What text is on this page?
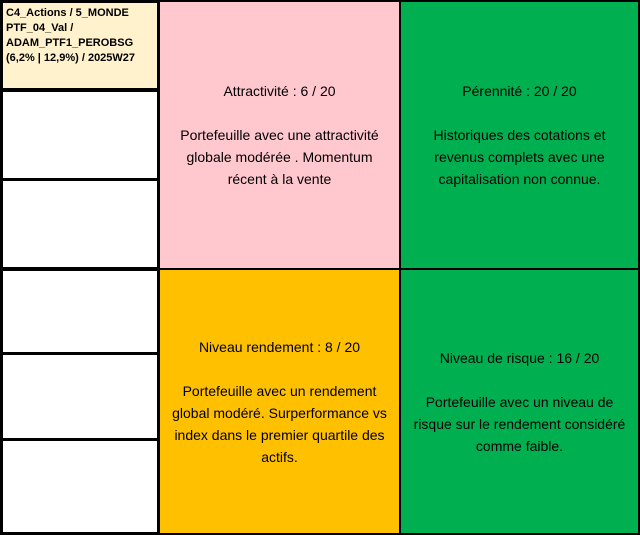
C4_Actions / 5_MONDE
PTF_04_Val /
ADAM_PTF1_PEROBSG
(6,2% | 12,9%) / 2025W27
Attractivité : 6 / 20
Portefeuille avec une attractivité globale modérée . Momentum récent à la vente
Pérennité : 20 / 20
Historiques des cotations et revenus complets avec une capitalisation non connue.
Niveau rendement : 8 / 20
Portefeuille avec un rendement global modéré. Surperformance vs index dans le premier quartile des actifs.
Niveau de risque : 16 / 20
Portefeuille avec un niveau de risque sur le rendement considéré comme faible.
